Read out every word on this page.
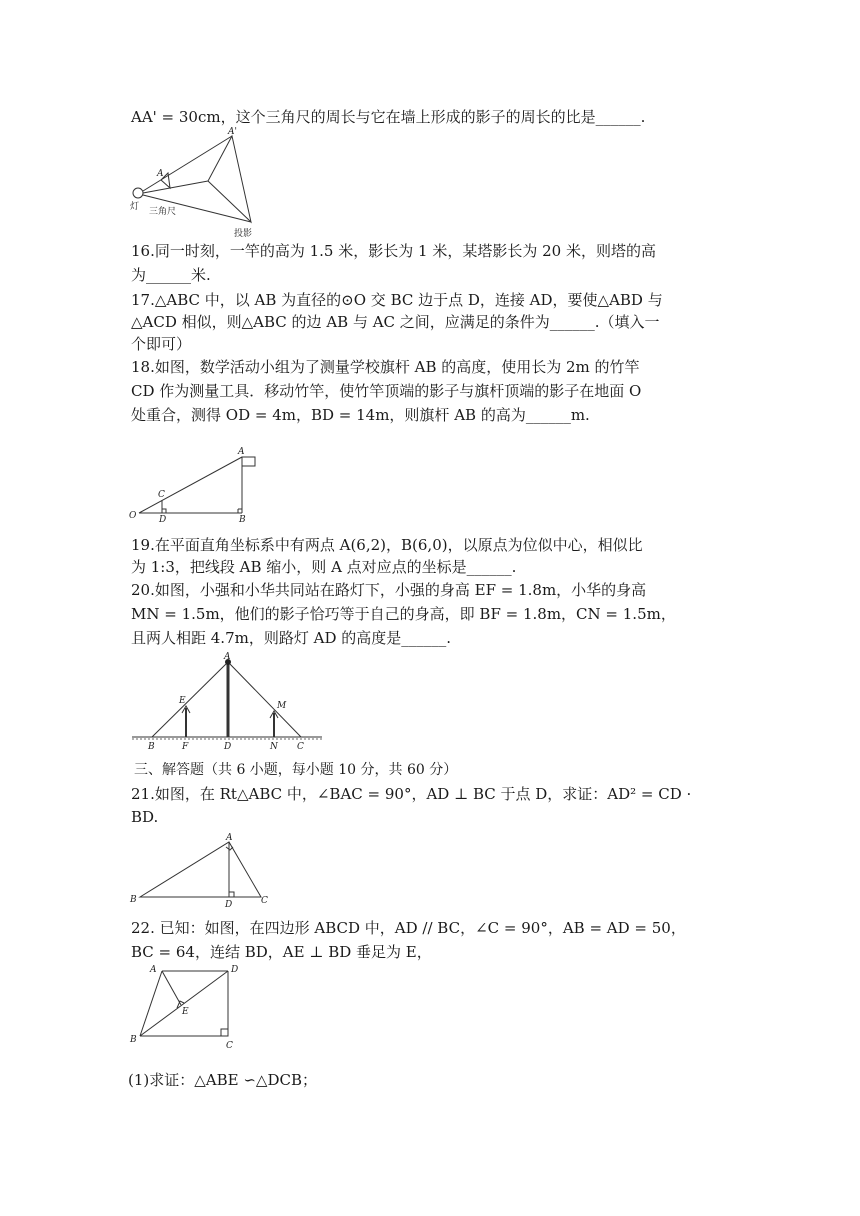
AA' = 30cm，这个三角尺的周长与它在墙上形成的影子的周长的比是______.
A'
A
灯 三角尺
投影
16.同一时刻，一竿的高为 1.5 米，影长为 1 米，某塔影长为 20 米，则塔的高
为______米.
17.△ABC 中，以 AB 为直径的⊙O 交 BC 边于点 D，连接 AD，要使△ABD 与
△ACD 相似，则△ABC 的边 AB 与 AC 之间，应满足的条件为______.（填入一
个即可）
18.如图，数学活动小组为了测量学校旗杆 AB 的高度，使用长为 2m 的竹竿
CD 作为测量工具．移动竹竿，使竹竿顶端的影子与旗杆顶端的影子在地面 O
处重合，测得 OD = 4m，BD = 14m，则旗杆 AB 的高为______m.
A
C
O	D	B
19.在平面直角坐标系中有两点 A(6,2)，B(6,0)，以原点为位似中心，相似比
为 1:3，把线段 AB 缩小，则 A 点对应点的坐标是______.
20.如图，小强和小华共同站在路灯下，小强的身高 EF = 1.8m，小华的身高
MN = 1.5m，他们的影子恰巧等于自己的身高，即 BF = 1.8m，CN = 1.5m，
且两人相距 4.7m，则路灯 AD 的高度是______.
A
E	M
B	F	D	N C
三、解答题（共 6 小题，每小题 10 分，共 60 分）
21.如图，在 Rt△ABC 中，∠BAC = 90°，AD ⊥ BC 于点 D，求证：AD² = CD ·
BD.
A
B	D	C
22. 已知：如图，在四边形 ABCD 中，AD // BC，∠C = 90°，AB = AD = 50，
BC = 64，连结 BD，AE ⊥ BD 垂足为 E，
A	D
E
B
C
(1)求证：△ABE ∽△DCB；
